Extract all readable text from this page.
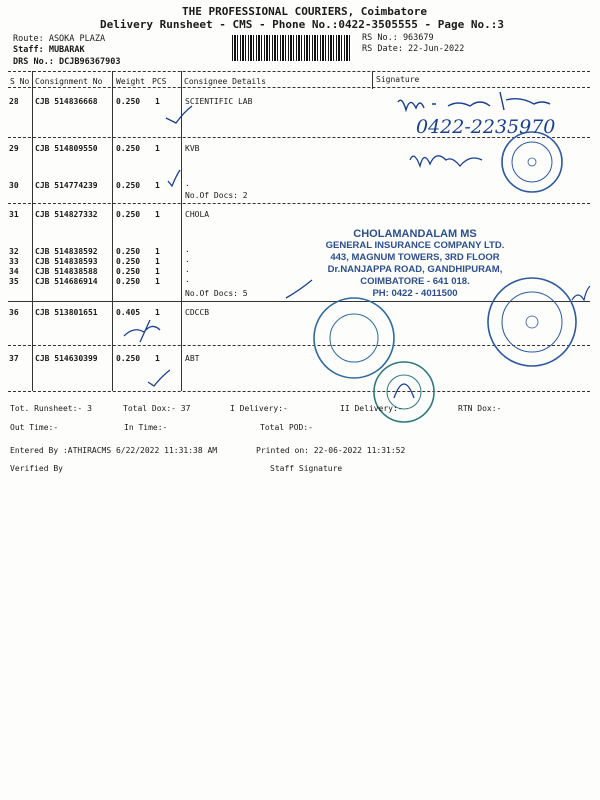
THE PROFESSIONAL COURIERS, Coimbatore
Delivery Runsheet - CMS - Phone No.:0422-3505555 - Page No.:3
Route: ASOKA PLAZA
Staff: MUBARAK
DRS No.: DCJB96367903
RS No.: 963679
RS Date: 22-Jun-2022
S No Consignment No Weight PCS Consignee Details	Signature
28 CJB 514836668 0.250 1	SCIENTIFIC LAB
29 CJB 514809550 0.250 1	KVB
30 CJB 514774239 0.250 1	.
No.Of Docs: 2
31 CJB 514827332 0.250 1	CHOLA
32 CJB 514838592 0.250 1	.
33 CJB 514838593 0.250 1	.
34 CJB 514838588 0.250 1	.
35 CJB 514686914 0.250 1	.
No.Of Docs: 5
36 CJB 513801651 0.405 1	CDCCB
37 CJB 514630399 0.250 1	ABT
0422-2235970
CHOLAMANDALAM MS
GENERAL INSURANCE COMPANY LTD.
443, MAGNUM TOWERS, 3RD FLOOR
Dr.NANJAPPA ROAD, GANDHIPURAM,
COIMBATORE - 641 018.
PH: 0422 - 4011500
Tot. Runsheet:- 3	Total Dox:- 37	I Delivery:-	II Delivery:-	RTN Dox:-
Out Time:-	In Time:-	Total POD:-
Entered By :ATHIRACMS 6/22/2022 11:31:38 AM	Printed on: 22-06-2022 11:31:52
Verified By	Staff Signature
